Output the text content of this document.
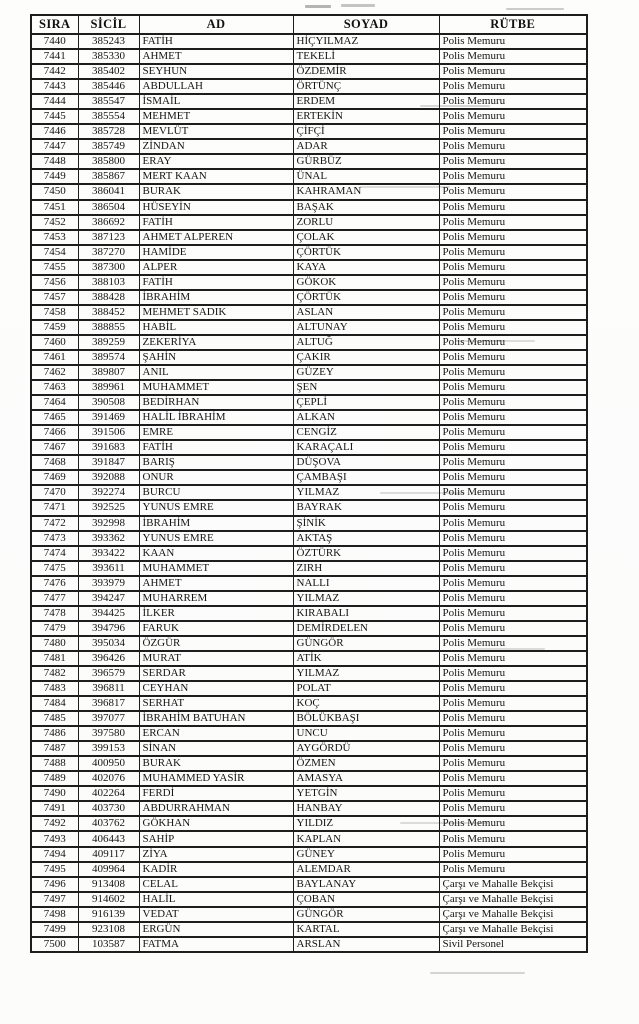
SIRA	SİCİL	AD	SOYAD	RÜTBE
7440	385243	FATİH	HİÇYILMAZ	Polis Memuru
7441	385330	AHMET	TEKELİ	Polis Memuru
7442	385402	SEYHUN	ÖZDEMİR	Polis Memuru
7443	385446	ABDULLAH	ÖRTÜNÇ	Polis Memuru
7444	385547	İSMAİL	ERDEM	Polis Memuru
7445	385554	MEHMET	ERTEKİN	Polis Memuru
7446	385728	MEVLÜT	ÇİFÇİ	Polis Memuru
7447	385749	ZİNDAN	ADAR	Polis Memuru
7448	385800	ERAY	GÜRBÜZ	Polis Memuru
7449	385867	MERT KAAN	ÜNAL	Polis Memuru
7450	386041	BURAK	KAHRAMAN	Polis Memuru
7451	386504	HÜSEYİN	BAŞAK	Polis Memuru
7452	386692	FATİH	ZORLU	Polis Memuru
7453	387123	AHMET ALPEREN	ÇOLAK	Polis Memuru
7454	387270	HAMİDE	ÇÖRTÜK	Polis Memuru
7455	387300	ALPER	KAYA	Polis Memuru
7456	388103	FATİH	GÖKOK	Polis Memuru
7457	388428	İBRAHİM	ÇÖRTÜK	Polis Memuru
7458	388452	MEHMET SADIK	ASLAN	Polis Memuru
7459	388855	HABİL	ALTUNAY	Polis Memuru
7460	389259	ZEKERİYA	ALTUĞ	Polis Memuru
7461	389574	ŞAHİN	ÇAKIR	Polis Memuru
7462	389807	ANIL	GÜZEY	Polis Memuru
7463	389961	MUHAMMET	ŞEN	Polis Memuru
7464	390508	BEDİRHAN	ÇEPLİ	Polis Memuru
7465	391469	HALİL İBRAHİM	ALKAN	Polis Memuru
7466	391506	EMRE	CENGİZ	Polis Memuru
7467	391683	FATİH	KARAÇALI	Polis Memuru
7468	391847	BARIŞ	DÜŞOVA	Polis Memuru
7469	392088	ONUR	ÇAMBAŞI	Polis Memuru
7470	392274	BURCU	YILMAZ	Polis Memuru
7471	392525	YUNUS EMRE	BAYRAK	Polis Memuru
7472	392998	İBRAHİM	ŞİNİK	Polis Memuru
7473	393362	YUNUS EMRE	AKTAŞ	Polis Memuru
7474	393422	KAAN	ÖZTÜRK	Polis Memuru
7475	393611	MUHAMMET	ZIRH	Polis Memuru
7476	393979	AHMET	NALLI	Polis Memuru
7477	394247	MUHARREM	YILMAZ	Polis Memuru
7478	394425	İLKER	KIRABALI	Polis Memuru
7479	394796	FARUK	DEMİRDELEN	Polis Memuru
7480	395034	ÖZGÜR	GÜNGÖR	Polis Memuru
7481	396426	MURAT	ATİK	Polis Memuru
7482	396579	SERDAR	YILMAZ	Polis Memuru
7483	396811	CEYHAN	POLAT	Polis Memuru
7484	396817	SERHAT	KOÇ	Polis Memuru
7485	397077	İBRAHİM BATUHAN	BÖLÜKBAŞI	Polis Memuru
7486	397580	ERCAN	UNCU	Polis Memuru
7487	399153	SİNAN	AYGÖRDÜ	Polis Memuru
7488	400950	BURAK	ÖZMEN	Polis Memuru
7489	402076	MUHAMMED YASİR	AMASYA	Polis Memuru
7490	402264	FERDİ	YETGİN	Polis Memuru
7491	403730	ABDURRAHMAN	HANBAY	Polis Memuru
7492	403762	GÖKHAN	YILDIZ	Polis Memuru
7493	406443	SAHİP	KAPLAN	Polis Memuru
7494	409117	ZİYA	GÜNEY	Polis Memuru
7495	409964	KADİR	ALEMDAR	Polis Memuru
7496	913408	CELAL	BAYLANAY	Çarşı ve Mahalle Bekçisi
7497	914602	HALİL	ÇOBAN	Çarşı ve Mahalle Bekçisi
7498	916139	VEDAT	GÜNGÖR	Çarşı ve Mahalle Bekçisi
7499	923108	ERGÜN	KARTAL	Çarşı ve Mahalle Bekçisi
7500	103587	FATMA	ARSLAN	Sivil Personel
